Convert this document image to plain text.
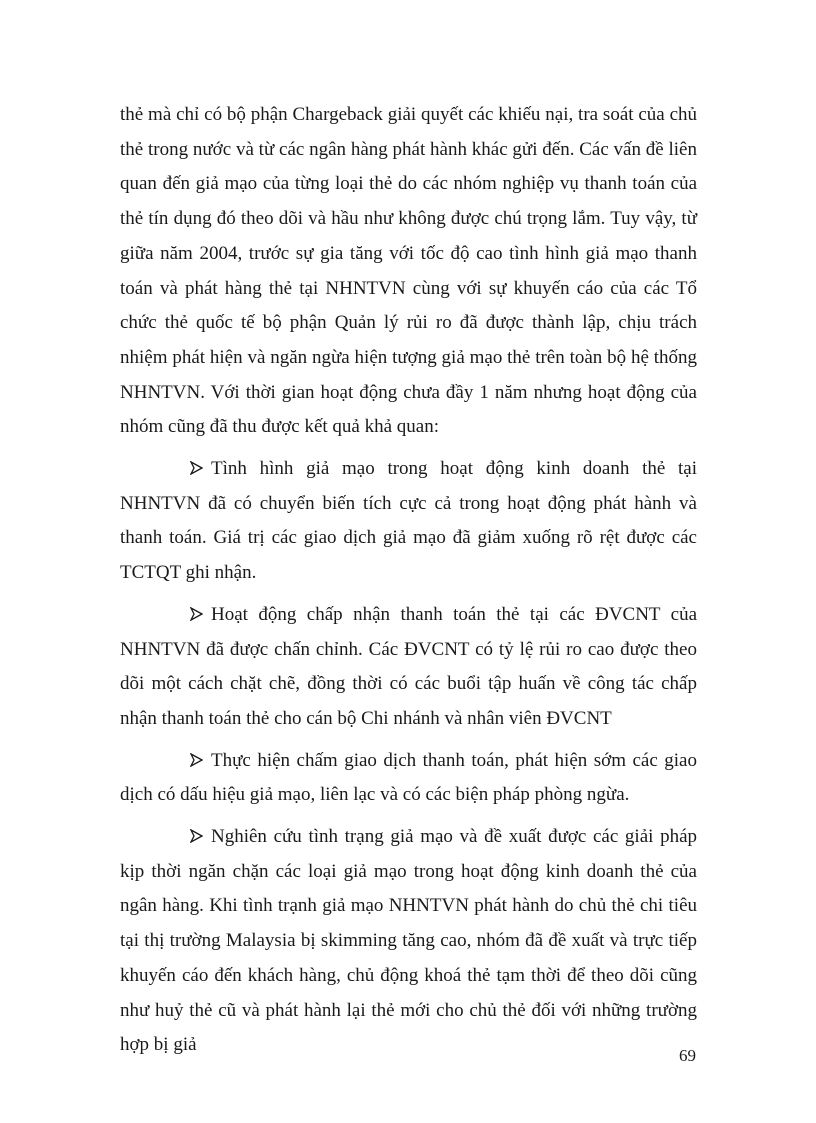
thẻ mà chỉ có bộ phận Chargeback giải quyết các khiếu nại, tra soát của chủ thẻ trong nước và từ các ngân hàng phát hành khác gửi đến. Các vấn đề liên quan đến giả mạo của từng loại thẻ do các nhóm nghiệp vụ thanh toán của thẻ tín dụng đó theo dõi và hầu như không được chú trọng lắm. Tuy vậy, từ giữa năm 2004, trước sự gia tăng với tốc độ cao tình hình giả mạo thanh toán và phát hàng thẻ tại NHNTVN cùng với sự khuyến cáo của các Tổ chức thẻ quốc tế bộ phận Quản lý rủi ro đã được thành lập, chịu trách nhiệm phát hiện và ngăn ngừa hiện tượng giả mạo thẻ trên toàn bộ hệ thống NHNTVN. Với thời gian hoạt động chưa đầy 1 năm nhưng hoạt động của nhóm cũng đã thu được kết quả khả quan:
Tình hình giả mạo trong hoạt động kinh doanh thẻ tại
NHNTVN đã có chuyển biến tích cực cả trong hoạt động phát hành và thanh toán. Giá trị các giao dịch giả mạo đã giảm xuống rõ rệt được các TCTQT ghi nhận.
Hoạt động chấp nhận thanh toán thẻ tại các ĐVCNT của
NHNTVN đã được chấn chỉnh. Các ĐVCNT có tỷ lệ rủi ro cao được theo dõi một cách chặt chẽ, đồng thời có các buổi tập huấn về công tác chấp nhận thanh toán thẻ cho cán bộ Chi nhánh và nhân viên ĐVCNT
Thực hiện chấm giao dịch thanh toán, phát hiện sớm các giao
dịch có dấu hiệu giả mạo, liên lạc và có các biện pháp phòng ngừa.
Nghiên cứu tình trạng giả mạo và đề xuất được các giải pháp
kịp thời ngăn chặn các loại giả mạo trong hoạt động kinh doanh thẻ của ngân hàng. Khi tình trạnh giả mạo NHNTVN phát hành do chủ thẻ chi tiêu tại thị trường Malaysia bị skimming tăng cao, nhóm đã đề xuất và trực tiếp khuyến cáo đến khách hàng, chủ động khoá thẻ tạm thời để theo dõi cũng như huỷ thẻ cũ và phát hành lại thẻ mới cho chủ thẻ đối với những trường hợp bị giả
69
